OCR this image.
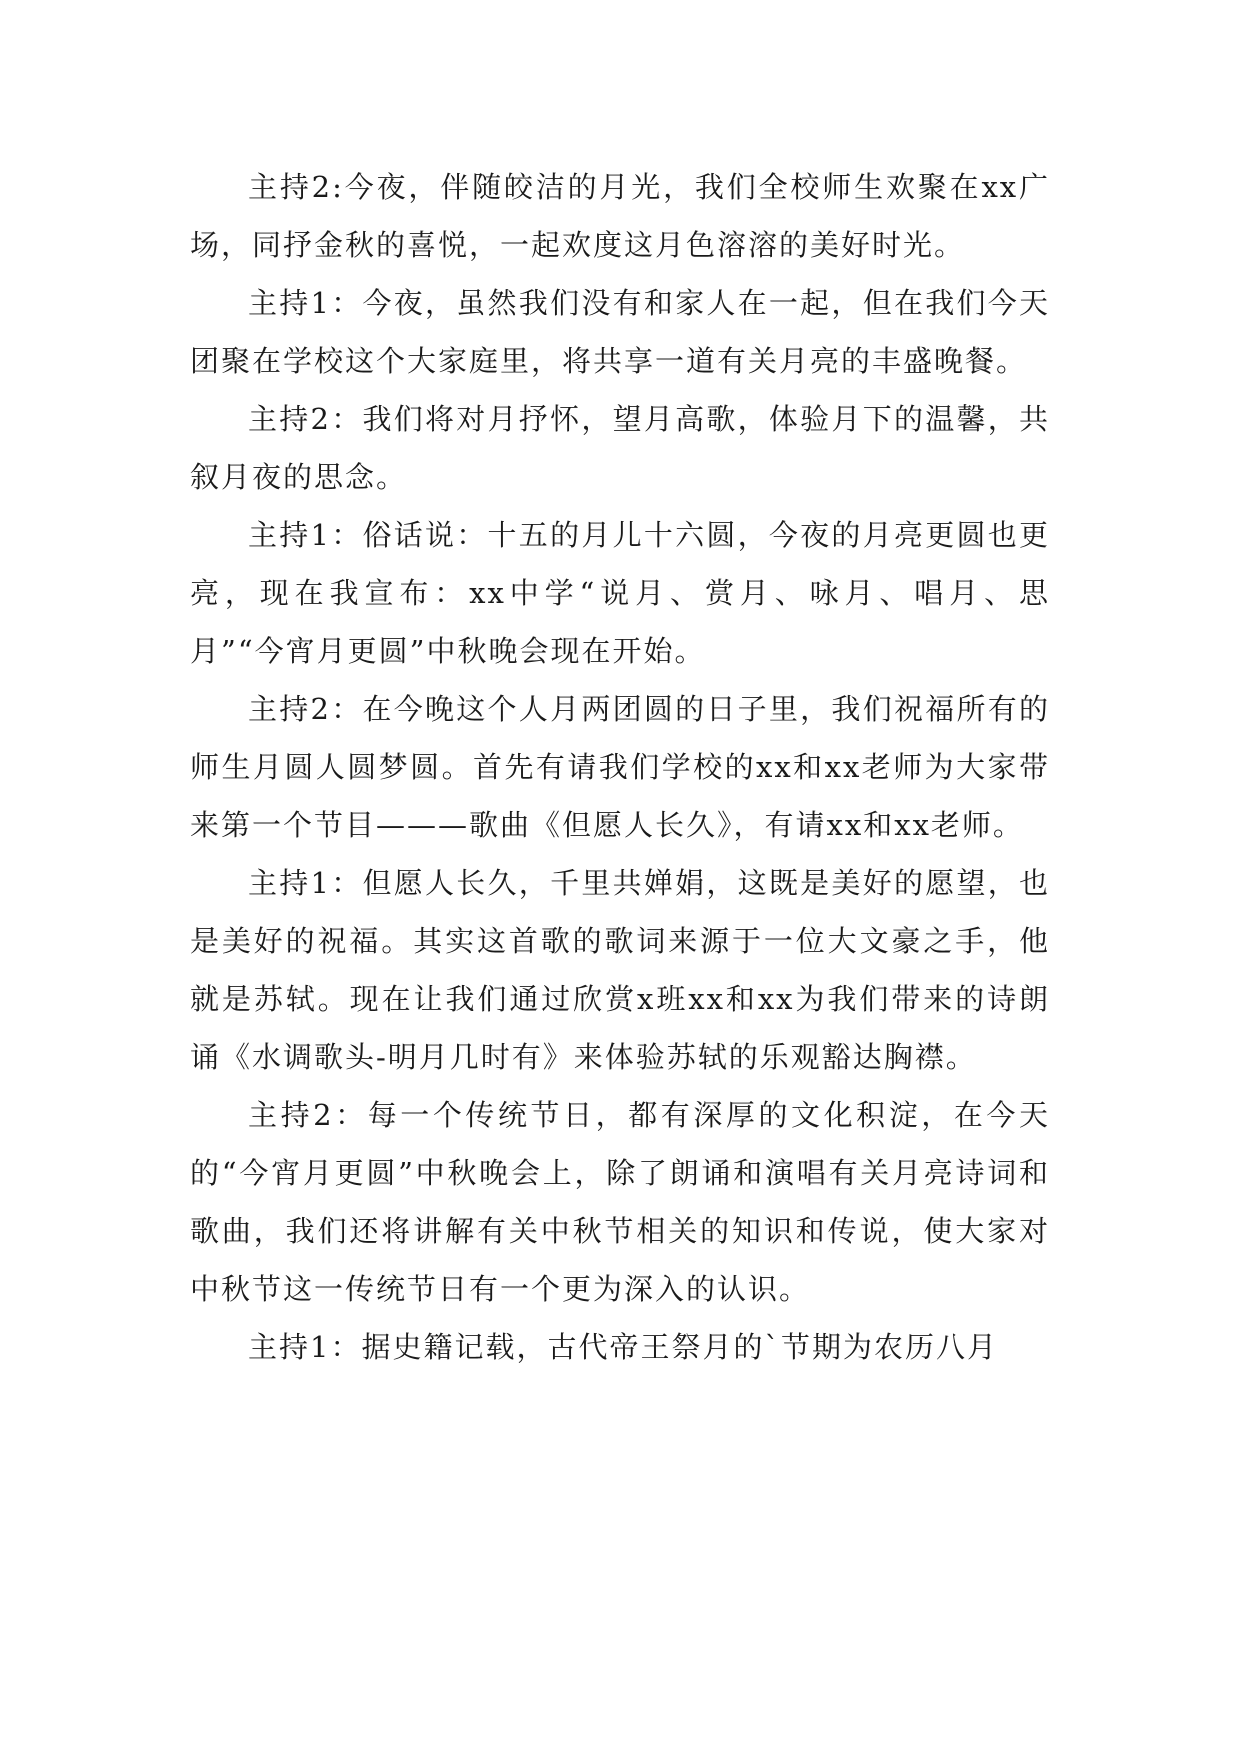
主持2:今夜，伴随皎洁的月光，我们全校师生欢聚在xx广场，同抒金秋的喜悦，一起欢度这月色溶溶的美好时光。

主持1：今夜，虽然我们没有和家人在一起，但在我们今天团聚在学校这个大家庭里，将共享一道有关月亮的丰盛晚餐。

主持2：我们将对月抒怀，望月高歌，体验月下的温馨，共叙月夜的思念。

主持1：俗话说：十五的月儿十六圆，今夜的月亮更圆也更亮，现在我宣布：xx中学“说月、赏月、咏月、唱月、思月”“今宵月更圆”中秋晚会现在开始。

主持2：在今晚这个人月两团圆的日子里，我们祝福所有的师生月圆人圆梦圆。首先有请我们学校的xx和xx老师为大家带来第一个节目———歌曲《但愿人长久》，有请xx和xx老师。

主持1：但愿人长久，千里共婵娟，这既是美好的愿望，也是美好的祝福。其实这首歌的歌词来源于一位大文豪之手，他就是苏轼。现在让我们通过欣赏x班xx和xx为我们带来的诗朗诵《水调歌头-明月几时有》来体验苏轼的乐观豁达胸襟。

主持2：每一个传统节日，都有深厚的文化积淀，在今天的“今宵月更圆”中秋晚会上，除了朗诵和演唱有关月亮诗词和歌曲，我们还将讲解有关中秋节相关的知识和传说，使大家对中秋节这一传统节日有一个更为深入的认识。

主持1：据史籍记载，古代帝王祭月的`节期为农历八月
